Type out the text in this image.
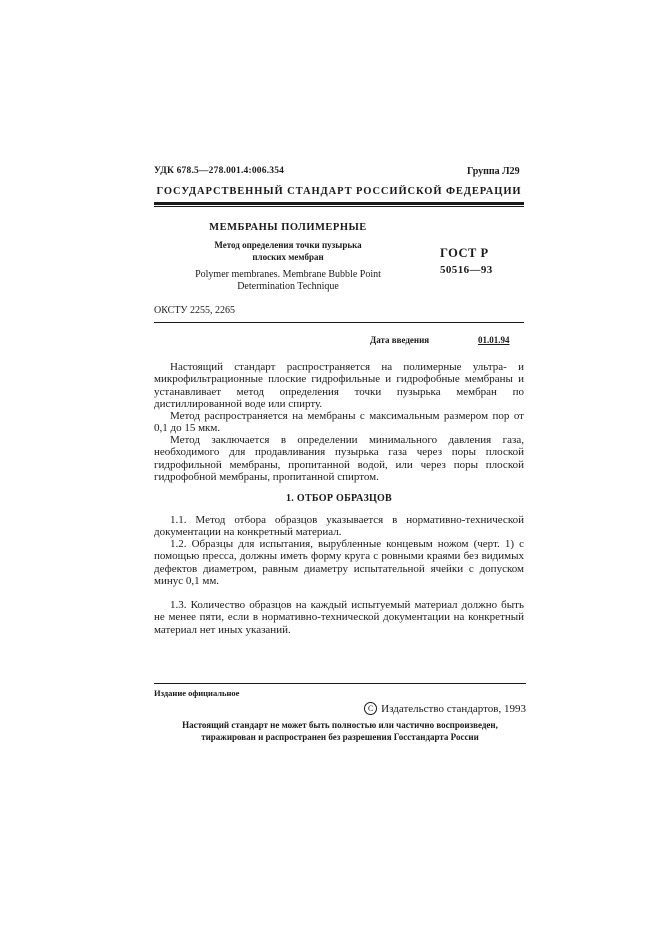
УДК 678.5—278.001.4:006.354	Группа Л29
ГОСУДАРСТВЕННЫЙ СТАНДАРТ РОССИЙСКОЙ ФЕДЕРАЦИИ
МЕМБРАНЫ ПОЛИМЕРНЫЕ
Метод определения точки пузырька
плоских мембран
Polymer membranes. Membrane Bubble Point
Determination Technique
ГОСТ Р
50516—93
ОКСТУ 2255, 2265
Дата введения	01.01.94

Настоящий стандарт распространяется на полимерные ультра- и микрофильтрационные плоские гидрофильные и гидрофобные мембраны и устанавливает метод определения точки пузырька мембран по дистиллированной воде или спирту.

Метод распространяется на мембраны с максимальным размером пор от 0,1 до 15 мкм.

Метод заключается в определении минимального давления газа, необходимого для продавливания пузырька газа через поры плоской гидрофильной мембраны, пропитанной водой, или через поры плоской гидрофобной мембраны, пропитанной спиртом.

1. ОТБОР ОБРАЗЦОВ

1.1. Метод отбора образцов указывается в нормативно-технической документации на конкретный материал.

1.2. Образцы для испытания, вырубленные концевым ножом (черт. 1) с помощью пресса, должны иметь форму круга с ровными краями без видимых дефектов диаметром, равным диаметру испытательной ячейки с допуском минус 0,1 мм.

1.3. Количество образцов на каждый испытуемый материал должно быть не менее пяти, если в нормативно-технической документации на конкретный материал нет иных указаний.

Издание официальное
C Издательство стандартов, 1993
Настоящий стандарт не может быть полностью или частично воспроизведен,
тиражирован и распространен без разрешения Госстандарта России
